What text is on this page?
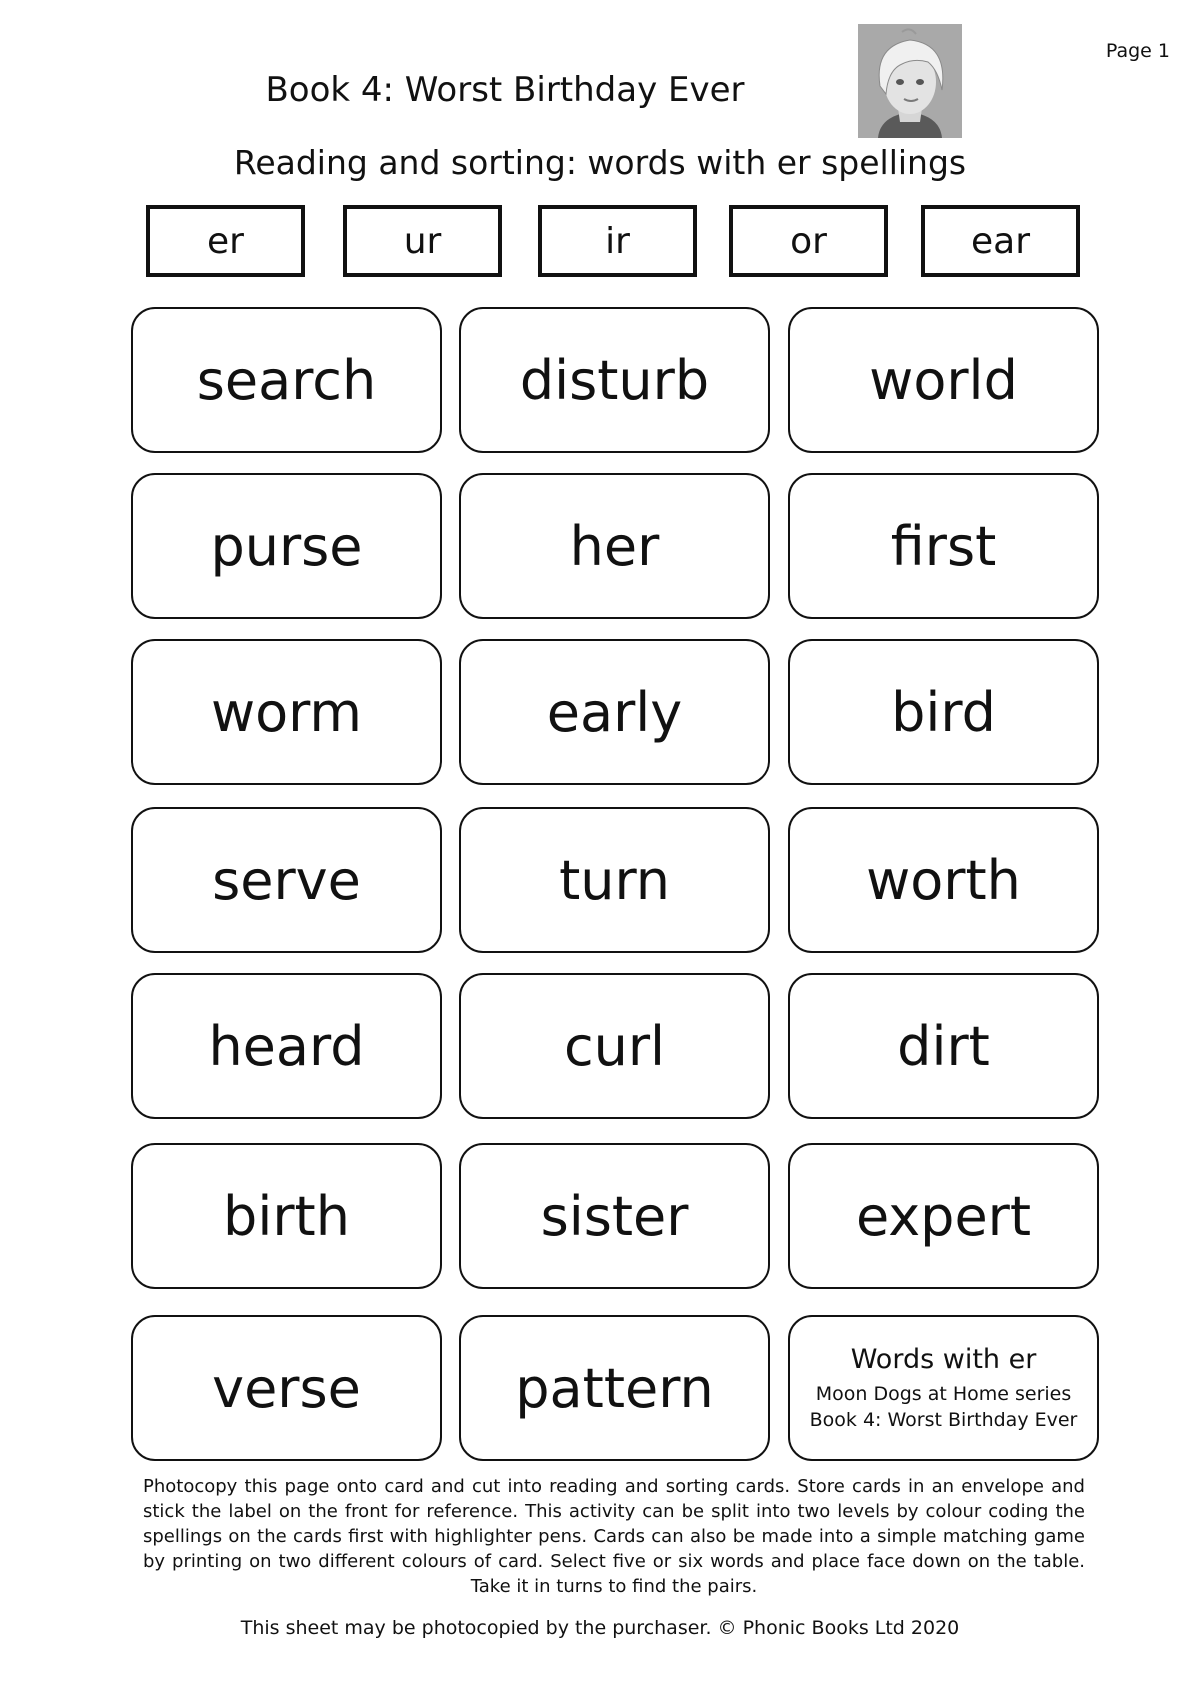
Page 1
Book 4: Worst Birthday Ever
Reading and sorting: words with er spellings
er	ur	ir	or	ear
search	disturb	world
purse	her	first
worm	early	bird
serve	turn	worth
heard	curl	dirt
birth	sister	expert
verse	pattern	Words with er
Moon Dogs at Home series
Book 4: Worst Birthday Ever
Photocopy this page onto card and cut into reading and sorting cards. Store cards in an envelope and stick the label on the front for reference. This activity can be split into two levels by colour coding the spellings on the cards first with highlighter pens. Cards can also be made into a simple matching game by printing on two different colours of card. Select five or six words and place face down on the table. Take it in turns to find the pairs.
This sheet may be photocopied by the purchaser. © Phonic Books Ltd 2020
